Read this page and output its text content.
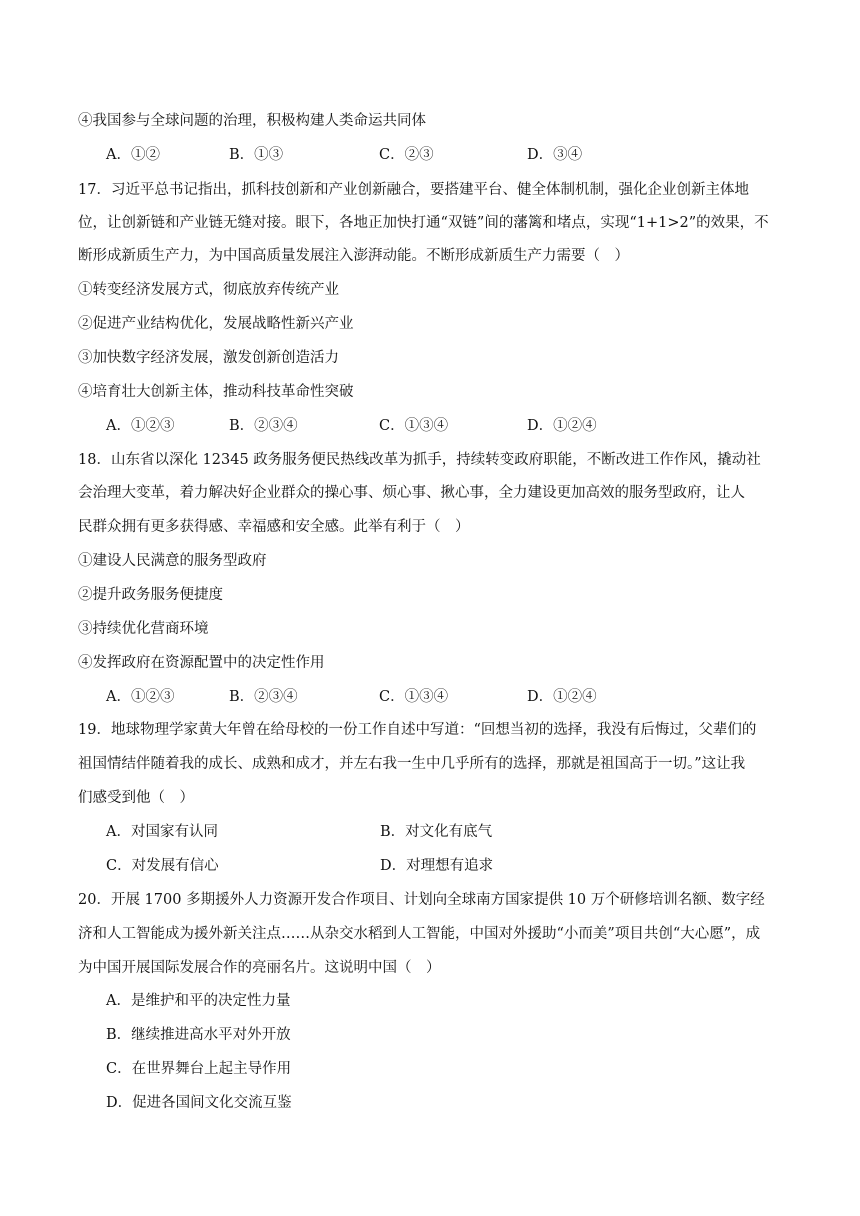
④我国参与全球问题的治理，积极构建人类命运共同体
A．①②	B．①③	C．②③	D．③④
17．习近平总书记指出，抓科技创新和产业创新融合，要搭建平台、健全体制机制，强化企业创新主体地
位，让创新链和产业链无缝对接。眼下，各地正加快打通“双链”间的藩篱和堵点，实现“1+1>2”的效果，不
断形成新质生产力，为中国高质量发展注入澎湃动能。不断形成新质生产力需要（　）
①转变经济发展方式，彻底放弃传统产业
②促进产业结构优化，发展战略性新兴产业
③加快数字经济发展，激发创新创造活力
④培育壮大创新主体，推动科技革命性突破
A．①②③	B．②③④	C．①③④	D．①②④
18．山东省以深化 12345 政务服务便民热线改革为抓手，持续转变政府职能，不断改进工作作风，撬动社
会治理大变革，着力解决好企业群众的操心事、烦心事、揪心事，全力建设更加高效的服务型政府，让人
民群众拥有更多获得感、幸福感和安全感。此举有利于（　）
①建设人民满意的服务型政府
②提升政务服务便捷度
③持续优化营商环境
④发挥政府在资源配置中的决定性作用
A．①②③	B．②③④	C．①③④	D．①②④
19．地球物理学家黄大年曾在给母校的一份工作自述中写道：“回想当初的选择，我没有后悔过，父辈们的
祖国情结伴随着我的成长、成熟和成才，并左右我一生中几乎所有的选择，那就是祖国高于一切。”这让我
们感受到他（　）
A．对国家有认同	B．对文化有底气
C．对发展有信心	D．对理想有追求
20．开展 1700 多期援外人力资源开发合作项目、计划向全球南方国家提供 10 万个研修培训名额、数字经
济和人工智能成为援外新关注点……从杂交水稻到人工智能，中国对外援助“小而美”项目共创“大心愿”，成
为中国开展国际发展合作的亮丽名片。这说明中国（　）
A．是维护和平的决定性力量
B．继续推进高水平对外开放
C．在世界舞台上起主导作用
D．促进各国间文化交流互鉴
